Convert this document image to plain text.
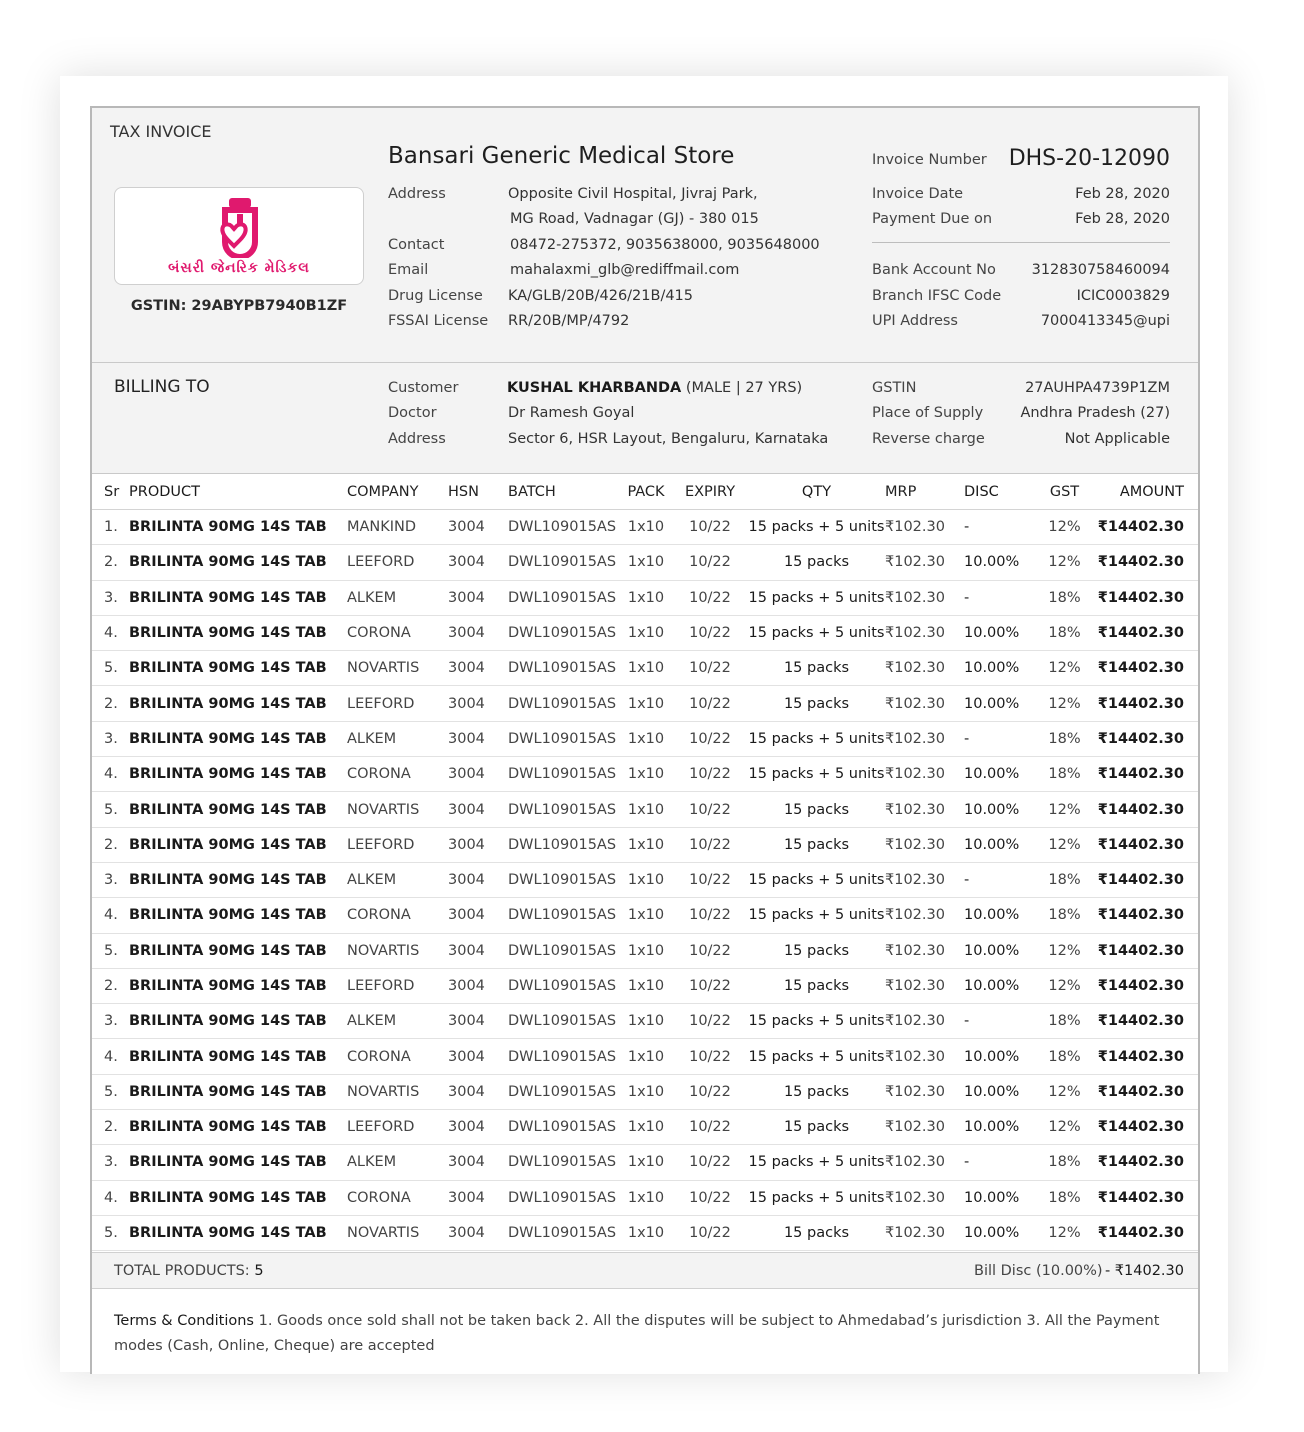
TAX INVOICE
બંસરી જેનરિક મેડિકલ
GSTIN: 29ABYPB7940B1ZF
Bansari Generic Medical Store
Address	Opposite Civil Hospital, Jivraj Park,
MG Road, Vadnagar (GJ) - 380 015
Contact	08472-275372, 9035638000, 9035648000
Email	mahalaxmi_glb@rediffmail.com
Drug License KA/GLB/20B/426/21B/415
FSSAI License RR/20B/MP/4792
Invoice Number DHS-20-12090
Invoice Date	Feb 28, 2020
Payment Due on	Feb 28, 2020
Bank Account No 312830758460094
Branch IFSC Code	ICIC0003829
UPI Address	7000413345@upi
BILLING TO	Customer	KUSHAL KHARBANDA (MALE | 27 YRS)
Doctor	Dr Ramesh Goyal
Address	Sector 6, HSR Layout, Bengaluru, Karnataka
GSTIN	27AUHPA4739P1ZM
Place of Supply	Andhra Pradesh (27)
Reverse charge	Not Applicable
Sr	PRODUCT	COMPANY	HSN	BATCH	PACK	EXPIRY	QTY	MRP	DISC	GST	AMOUNT
1.	BRILINTA 90MG 14S TAB	MANKIND	3004	DWL109015AS	1x10	10/22	15 packs + 5 units	₹102.30	-	12%	₹14402.30
2.	BRILINTA 90MG 14S TAB	LEEFORD	3004	DWL109015AS	1x10	10/22	15 packs	₹102.30	10.00%	12%	₹14402.30
3.	BRILINTA 90MG 14S TAB	ALKEM	3004	DWL109015AS	1x10	10/22	15 packs + 5 units	₹102.30	-	18%	₹14402.30
4.	BRILINTA 90MG 14S TAB	CORONA	3004	DWL109015AS	1x10	10/22	15 packs + 5 units	₹102.30	10.00%	18%	₹14402.30
5.	BRILINTA 90MG 14S TAB	NOVARTIS	3004	DWL109015AS	1x10	10/22	15 packs	₹102.30	10.00%	12%	₹14402.30
2.	BRILINTA 90MG 14S TAB	LEEFORD	3004	DWL109015AS	1x10	10/22	15 packs	₹102.30	10.00%	12%	₹14402.30
3.	BRILINTA 90MG 14S TAB	ALKEM	3004	DWL109015AS	1x10	10/22	15 packs + 5 units	₹102.30	-	18%	₹14402.30
4.	BRILINTA 90MG 14S TAB	CORONA	3004	DWL109015AS	1x10	10/22	15 packs + 5 units	₹102.30	10.00%	18%	₹14402.30
5.	BRILINTA 90MG 14S TAB	NOVARTIS	3004	DWL109015AS	1x10	10/22	15 packs	₹102.30	10.00%	12%	₹14402.30
2.	BRILINTA 90MG 14S TAB	LEEFORD	3004	DWL109015AS	1x10	10/22	15 packs	₹102.30	10.00%	12%	₹14402.30
3.	BRILINTA 90MG 14S TAB	ALKEM	3004	DWL109015AS	1x10	10/22	15 packs + 5 units	₹102.30	-	18%	₹14402.30
4.	BRILINTA 90MG 14S TAB	CORONA	3004	DWL109015AS	1x10	10/22	15 packs + 5 units	₹102.30	10.00%	18%	₹14402.30
5.	BRILINTA 90MG 14S TAB	NOVARTIS	3004	DWL109015AS	1x10	10/22	15 packs	₹102.30	10.00%	12%	₹14402.30
2.	BRILINTA 90MG 14S TAB	LEEFORD	3004	DWL109015AS	1x10	10/22	15 packs	₹102.30	10.00%	12%	₹14402.30
3.	BRILINTA 90MG 14S TAB	ALKEM	3004	DWL109015AS	1x10	10/22	15 packs + 5 units	₹102.30	-	18%	₹14402.30
4.	BRILINTA 90MG 14S TAB	CORONA	3004	DWL109015AS	1x10	10/22	15 packs + 5 units	₹102.30	10.00%	18%	₹14402.30
5.	BRILINTA 90MG 14S TAB	NOVARTIS	3004	DWL109015AS	1x10	10/22	15 packs	₹102.30	10.00%	12%	₹14402.30
2.	BRILINTA 90MG 14S TAB	LEEFORD	3004	DWL109015AS	1x10	10/22	15 packs	₹102.30	10.00%	12%	₹14402.30
3.	BRILINTA 90MG 14S TAB	ALKEM	3004	DWL109015AS	1x10	10/22	15 packs + 5 units	₹102.30	-	18%	₹14402.30
4.	BRILINTA 90MG 14S TAB	CORONA	3004	DWL109015AS	1x10	10/22	15 packs + 5 units	₹102.30	10.00%	18%	₹14402.30
5.	BRILINTA 90MG 14S TAB	NOVARTIS	3004	DWL109015AS	1x10	10/22	15 packs	₹102.30	10.00%	12%	₹14402.30
TOTAL PRODUCTS: 5	Bill Disc (10.00%) - ₹1402.30
Terms & Conditions 1. Goods once sold shall not be taken back 2. All the disputes will be subject to Ahmedabad’s jurisdiction 3. All the Payment modes (Cash, Online, Cheque) are accepted
